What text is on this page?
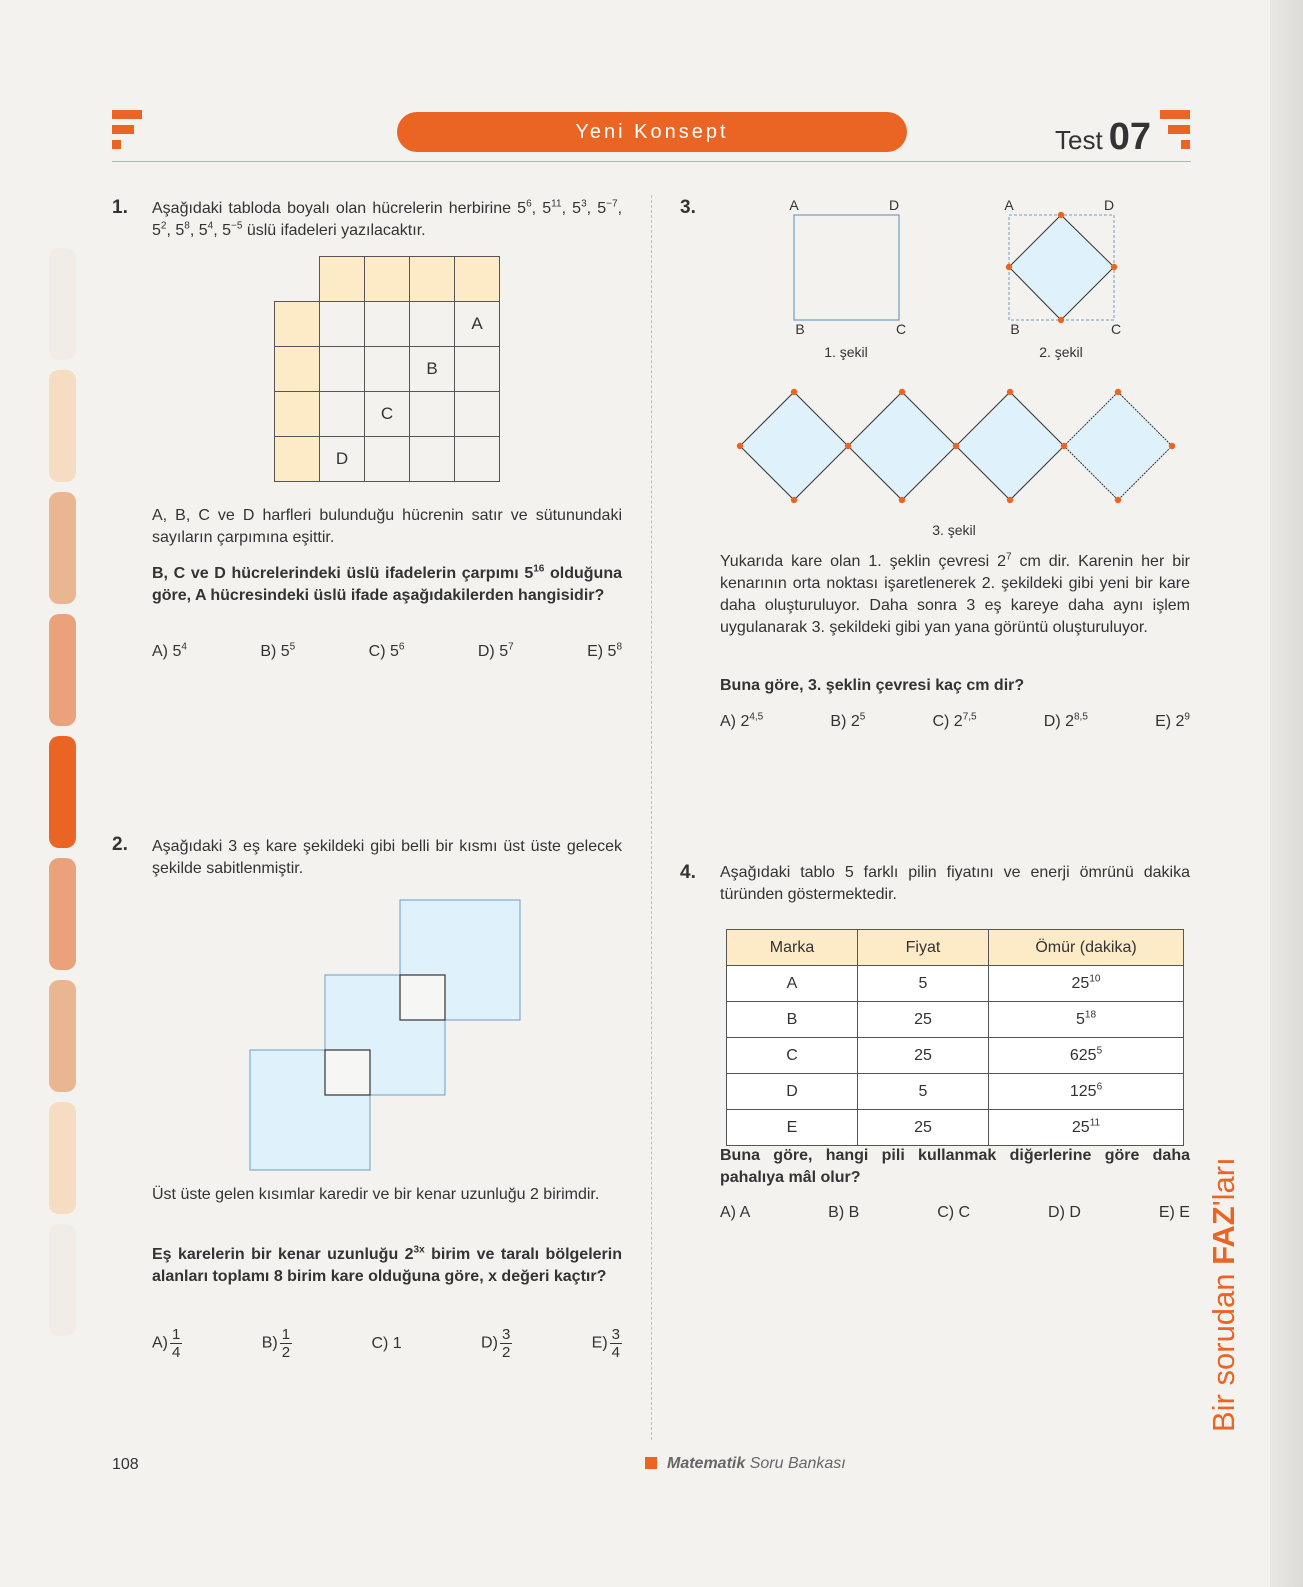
Yeni Konsept	Test 07
1. Aşağıdaki tabloda boyalı olan hücrelerin herbirine $5^6$, $5^{11}$, $5^3$, $5^{-7}$, $5^2$, $5^8$, $5^4$, $5^{-5}$ üslü ifadeleri yazılacaktır.

				A
			B	
		C		
	D			
A, B, C ve D harfleri bulunduğu hücrenin satır ve sütunundaki sayıların çarpımına eşittir.
B, C ve D hücrelerindeki üslü ifadelerin çarpımı $5^{16}$ olduğuna göre, A hücresindeki üslü ifade aşağıdakilerden hangisidir?
A) $5^4$	B) $5^5$	C) $5^6$	D) $5^7$	E) $5^8$
2. Aşağıdaki 3 eş kare şekildeki gibi belli bir kısmı üst üste gelecek şekilde sabitlenmiştir.
Üst üste gelen kısımlar karedir ve bir kenar uzunluğu 2 birimdir.
Eş karelerin bir kenar uzunluğu $2^{3x}$ birim ve taralı bölgelerin alanları toplamı 8 birim kare olduğuna göre, x değeri kaçtır?
$A) \frac{1}{4}$	$B) \frac{1}{2}$	C) 1	$D) \frac{3}{2}$	$E) \frac{3}{4}$
3.	A	D
B	C
1. şekil
A	D
B	C
2. şekil
3. şekil
Yukarıda kare olan 1. şeklin çevresi $2^7$ cm dir. Karenin her bir kenarının orta noktası işaretlenerek 2. şekildeki gibi yeni bir kare daha oluşturuluyor. Daha sonra 3 eş kareye daha aynı işlem uygulanarak 3. şekildeki gibi yan yana görüntü oluşturuluyor.
Buna göre, 3. şeklin çevresi kaç cm dir?
A) 2$^{4,5}$	B) $2^5$	C) 2$^{7,5}$	D) 2$^{8,5}$	E) $2^9$
4. Aşağıdaki tablo 5 farklı pilin fiyatını ve enerji ömrünü dakika türünden göstermektedir.
Marka	Fiyat	Ömür (dakika)
A	5	$25^{10}$
B	25	$5^{18}$
C	25	$625^5$
D	5	$125^6$
E	25	$25^{11}$
Buna göre, hangi pili kullanmak diğerlerine göre daha pahalıya mâl olur?
A) A	B) B	C) C	D) D	E) E
108	Matematik Soru Bankası
Bir sorudan FAZ'ları
